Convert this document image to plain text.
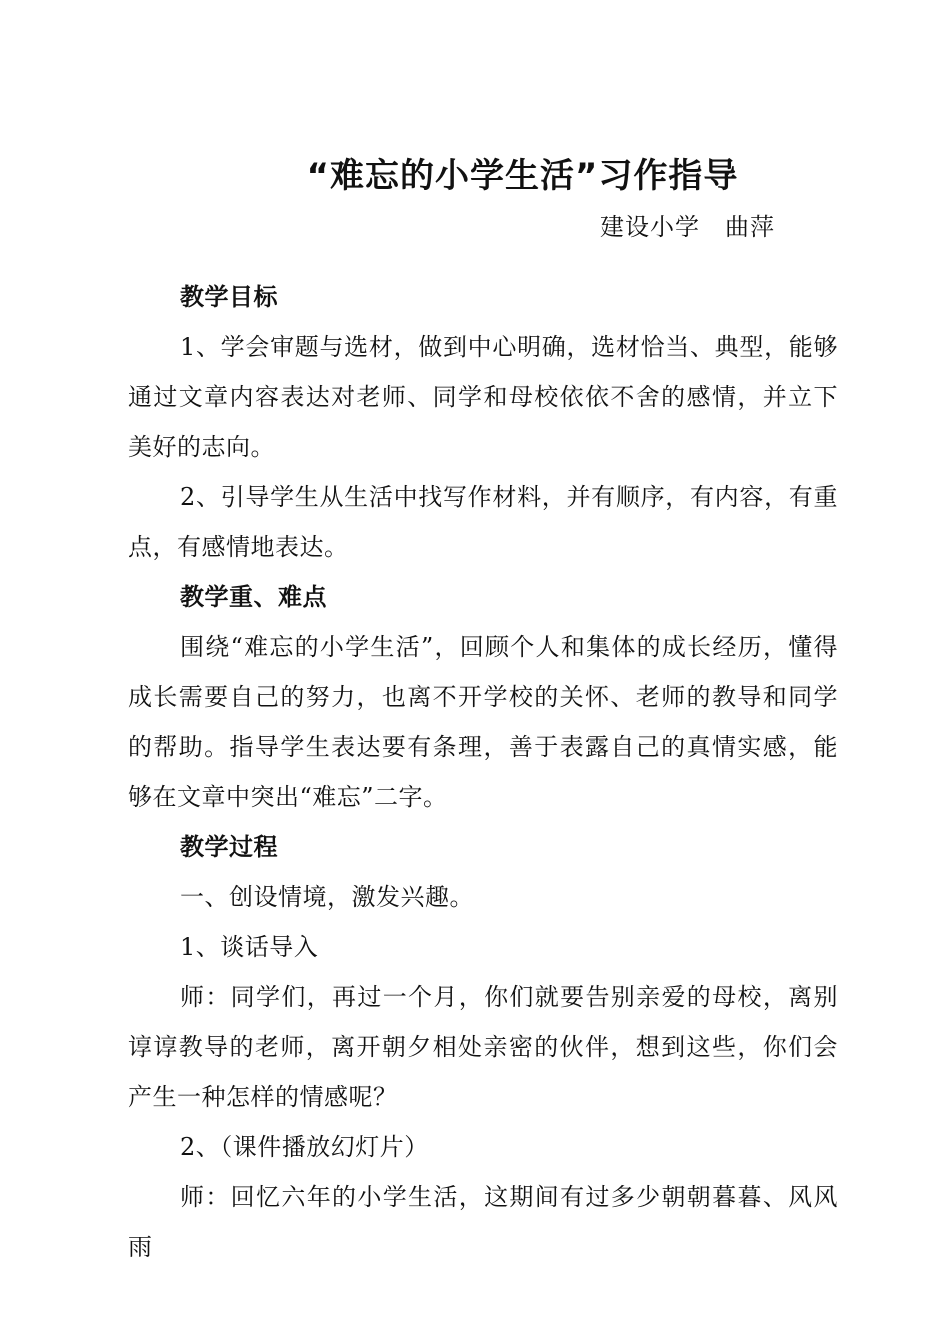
“难忘的小学生活”习作指导
建设小学　曲萍

教学目标

1、学会审题与选材，做到中心明确，选材恰当、典型，能够通过文章内容表达对老师、同学和母校依依不舍的感情，并立下美好的志向。

2、引导学生从生活中找写作材料，并有顺序，有内容，有重点，有感情地表达。

教学重、难点

围绕“难忘的小学生活”，回顾个人和集体的成长经历，懂得成长需要自己的努力，也离不开学校的关怀、老师的教导和同学的帮助。指导学生表达要有条理，善于表露自己的真情实感，能够在文章中突出“难忘”二字。

教学过程

一、创设情境，激发兴趣。

1、谈话导入

师：同学们，再过一个月，你们就要告别亲爱的母校，离别谆谆教导的老师，离开朝夕相处亲密的伙伴，想到这些，你们会产生一种怎样的情感呢？

2、（课件播放幻灯片）

师：回忆六年的小学生活，这期间有过多少朝朝暮暮、风风雨
